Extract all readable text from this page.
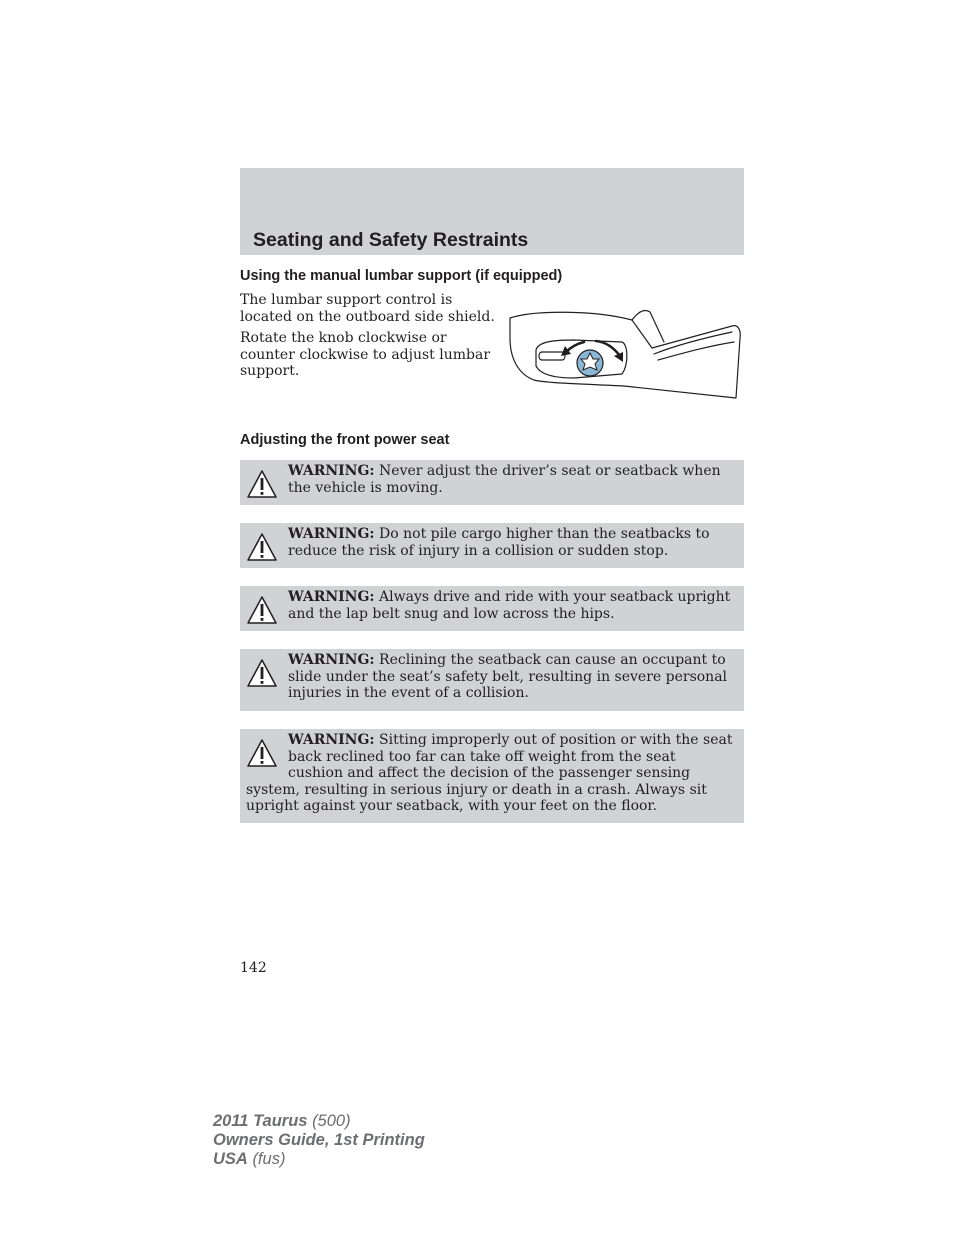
Seating and Safety Restraints
Using the manual lumbar support (if equipped)

The lumbar support control is located on the outboard side shield.

Rotate the knob clockwise or counter clockwise to adjust lumbar support.

Adjusting the front power seat

WARNING: Never adjust the driver’s seat or seatback when the vehicle is moving.

WARNING: Do not pile cargo higher than the seatbacks to reduce the risk of injury in a collision or sudden stop.

WARNING: Always drive and ride with your seatback upright and the lap belt snug and low across the hips.

WARNING: Reclining the seatback can cause an occupant to slide under the seat’s safety belt, resulting in severe personal injuries in the event of a collision.

WARNING: Sitting improperly out of position or with the seat back reclined too far can take off weight from the seat cushion and affect the decision of the passenger sensing system, resulting in serious injury or death in a crash. Always sit upright against your seatback, with your feet on the floor.

142

2011 Taurus (500)
Owners Guide, 1st Printing
USA (fus)
